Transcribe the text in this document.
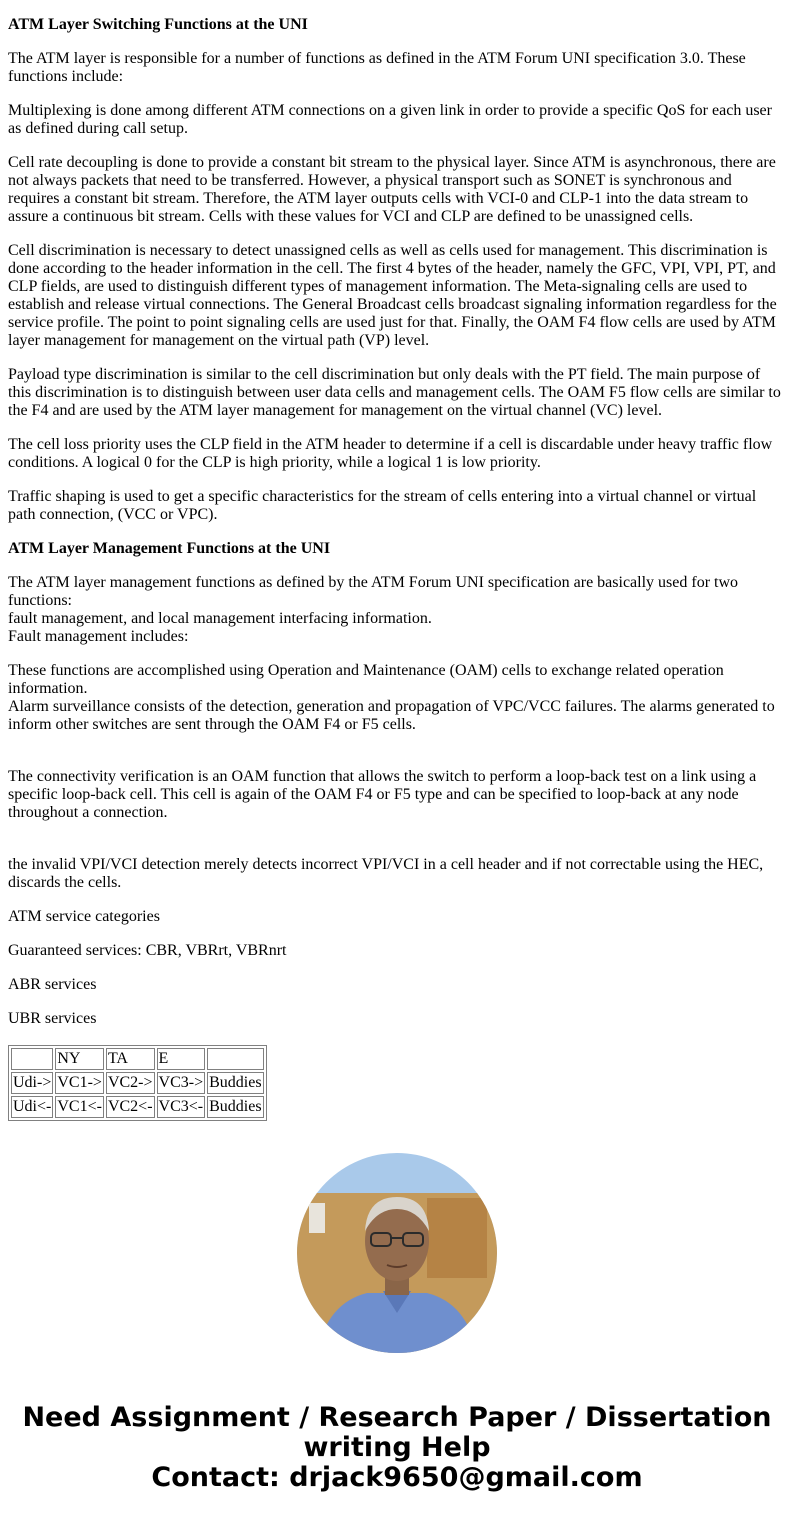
ATM Layer Switching Functions at the UNI

The ATM layer is responsible for a number of functions as defined in the ATM Forum UNI specification 3.0. These functions include:

Multiplexing is done among different ATM connections on a given link in order to provide a specific QoS for each user as defined during call setup.

Cell rate decoupling is done to provide a constant bit stream to the physical layer. Since ATM is asynchronous, there are not always packets that need to be transferred. However, a physical transport such as SONET is synchronous and requires a constant bit stream. Therefore, the ATM layer outputs cells with VCI-0 and CLP-1 into the data stream to assure a continuous bit stream. Cells with these values for VCI and CLP are defined to be unassigned cells.

Cell discrimination is necessary to detect unassigned cells as well as cells used for management. This discrimination is done according to the header information in the cell. The first 4 bytes of the header, namely the GFC, VPI, VPI, PT, and CLP fields, are used to distinguish different types of management information. The Meta-signaling cells are used to establish and release virtual connections. The General Broadcast cells broadcast signaling information regardless for the service profile. The point to point signaling cells are used just for that. Finally, the OAM F4 flow cells are used by ATM layer management for management on the virtual path (VP) level.

Payload type discrimination is similar to the cell discrimination but only deals with the PT field. The main purpose of this discrimination is to distinguish between user data cells and management cells. The OAM F5 flow cells are similar to the F4 and are used by the ATM layer management for management on the virtual channel (VC) level.

The cell loss priority uses the CLP field in the ATM header to determine if a cell is discardable under heavy traffic flow conditions. A logical 0 for the CLP is high priority, while a logical 1 is low priority.

Traffic shaping is used to get a specific characteristics for the stream of cells entering into a virtual channel or virtual path connection, (VCC or VPC).

ATM Layer Management Functions at the UNI

The ATM layer management functions as defined by the ATM Forum UNI specification are basically used for two functions:
fault management, and local management interfacing information.
Fault management includes:
These functions are accomplished using Operation and Maintenance (OAM) cells to exchange related operation information.
Alarm surveillance consists of the detection, generation and propagation of VPC/VCC failures. The alarms generated to inform other switches are sent through the OAM F4 or F5 cells.

The connectivity verification is an OAM function that allows the switch to perform a loop-back test on a link using a specific loop-back cell. This cell is again of the OAM F4 or F5 type and can be specified to loop-back at any node throughout a connection.

the invalid VPI/VCI detection merely detects incorrect VPI/VCI in a cell header and if not correctable using the HEC, discards the cells.

ATM service categories

Guaranteed services: CBR, VBRrt, VBRnrt

ABR services

UBR services

	NY	TA	E	
Udi->	VC1->	VC2->	VC3->	Buddies
Udi<-	VC1<-	VC2<-	VC3<-	Buddies
Need Assignment / Research Paper / Dissertation
writing Help
Contact: drjack9650@gmail.com
